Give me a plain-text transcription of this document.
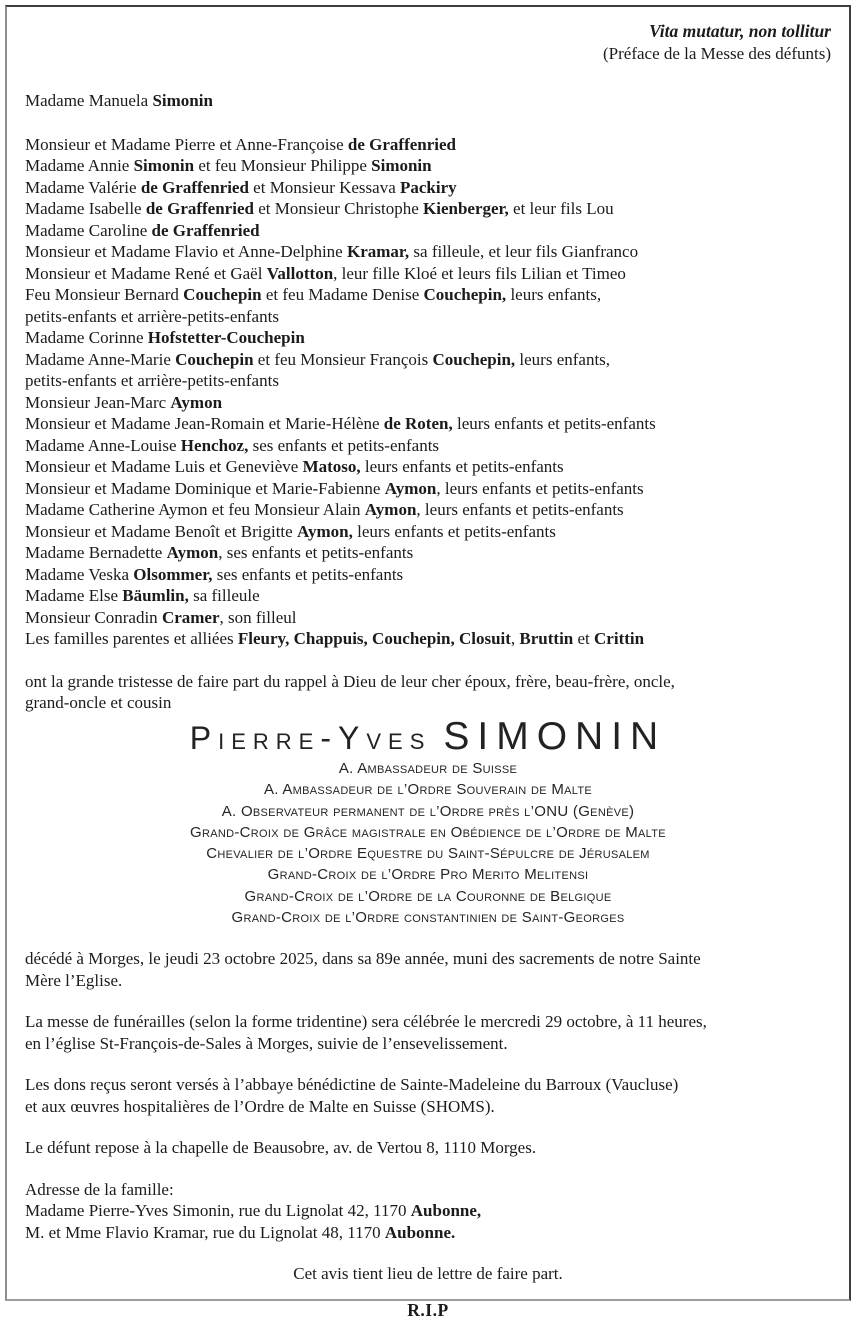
Vita mutatur, non tollitur
(Préface de la Messe des défunts)

Madame Manuela Simonin

Monsieur et Madame Pierre et Anne-Françoise de Graffenried

Madame Annie Simonin et feu Monsieur Philippe Simonin

Madame Valérie de Graffenried et Monsieur Kessava Packiry

Madame Isabelle de Graffenried et Monsieur Christophe Kienberger, et leur fils Lou

Madame Caroline de Graffenried

Monsieur et Madame Flavio et Anne-Delphine Kramar, sa filleule, et leur fils Gianfranco

Monsieur et Madame René et Gaël Vallotton, leur fille Kloé et leurs fils Lilian et Timeo

Feu Monsieur Bernard Couchepin et feu Madame Denise Couchepin, leurs enfants,

petits-enfants et arrière-petits-enfants

Madame Corinne Hofstetter-Couchepin

Madame Anne-Marie Couchepin et feu Monsieur François Couchepin, leurs enfants,

petits-enfants et arrière-petits-enfants

Monsieur Jean-Marc Aymon

Monsieur et Madame Jean-Romain et Marie-Hélène de Roten, leurs enfants et petits-enfants

Madame Anne-Louise Henchoz, ses enfants et petits-enfants

Monsieur et Madame Luis et Geneviève Matoso, leurs enfants et petits-enfants

Monsieur et Madame Dominique et Marie-Fabienne Aymon, leurs enfants et petits-enfants

Madame Catherine Aymon et feu Monsieur Alain Aymon, leurs enfants et petits-enfants

Monsieur et Madame Benoît et Brigitte Aymon, leurs enfants et petits-enfants

Madame Bernadette Aymon, ses enfants et petits-enfants

Madame Veska Olsommer, ses enfants et petits-enfants

Madame Else Bäumlin, sa filleule

Monsieur Conradin Cramer, son filleul

Les familles parentes et alliées Fleury, Chappuis, Couchepin, Closuit, Bruttin et Crittin

ont la grande tristesse de faire part du rappel à Dieu de leur cher époux, frère, beau-frère, oncle,
grand-oncle et cousin

Pierre-Yves SIMONIN
A. Ambassadeur de Suisse
A. Ambassadeur de l’Ordre Souverain de Malte
A. Observateur permanent de l’Ordre près l’ONU (Genève)
Grand-Croix de Grâce magistrale en Obédience de l’Ordre de Malte
Chevalier de l’Ordre Equestre du Saint-Sépulcre de Jérusalem
Grand-Croix de l’Ordre Pro Merito Melitensi
Grand-Croix de l’Ordre de la Couronne de Belgique
Grand-Croix de l’Ordre constantinien de Saint-Georges

décédé à Morges, le jeudi 23 octobre 2025, dans sa 89e année, muni des sacrements de notre Sainte
Mère l’Eglise.

La messe de funérailles (selon la forme tridentine) sera célébrée le mercredi 29 octobre, à 11 heures,
en l’église St-François-de-Sales à Morges, suivie de l’ensevelissement.

Les dons reçus seront versés à l’abbaye bénédictine de Sainte-Madeleine du Barroux (Vaucluse)
et aux œuvres hospitalières de l’Ordre de Malte en Suisse (SHOMS).

Le défunt repose à la chapelle de Beausobre, av. de Vertou 8, 1110 Morges.

Adresse de la famille:

Madame Pierre-Yves Simonin, rue du Lignolat 42, 1170 Aubonne,

M. et Mme Flavio Kramar, rue du Lignolat 48, 1170 Aubonne.

Cet avis tient lieu de lettre de faire part.

R.I.P
